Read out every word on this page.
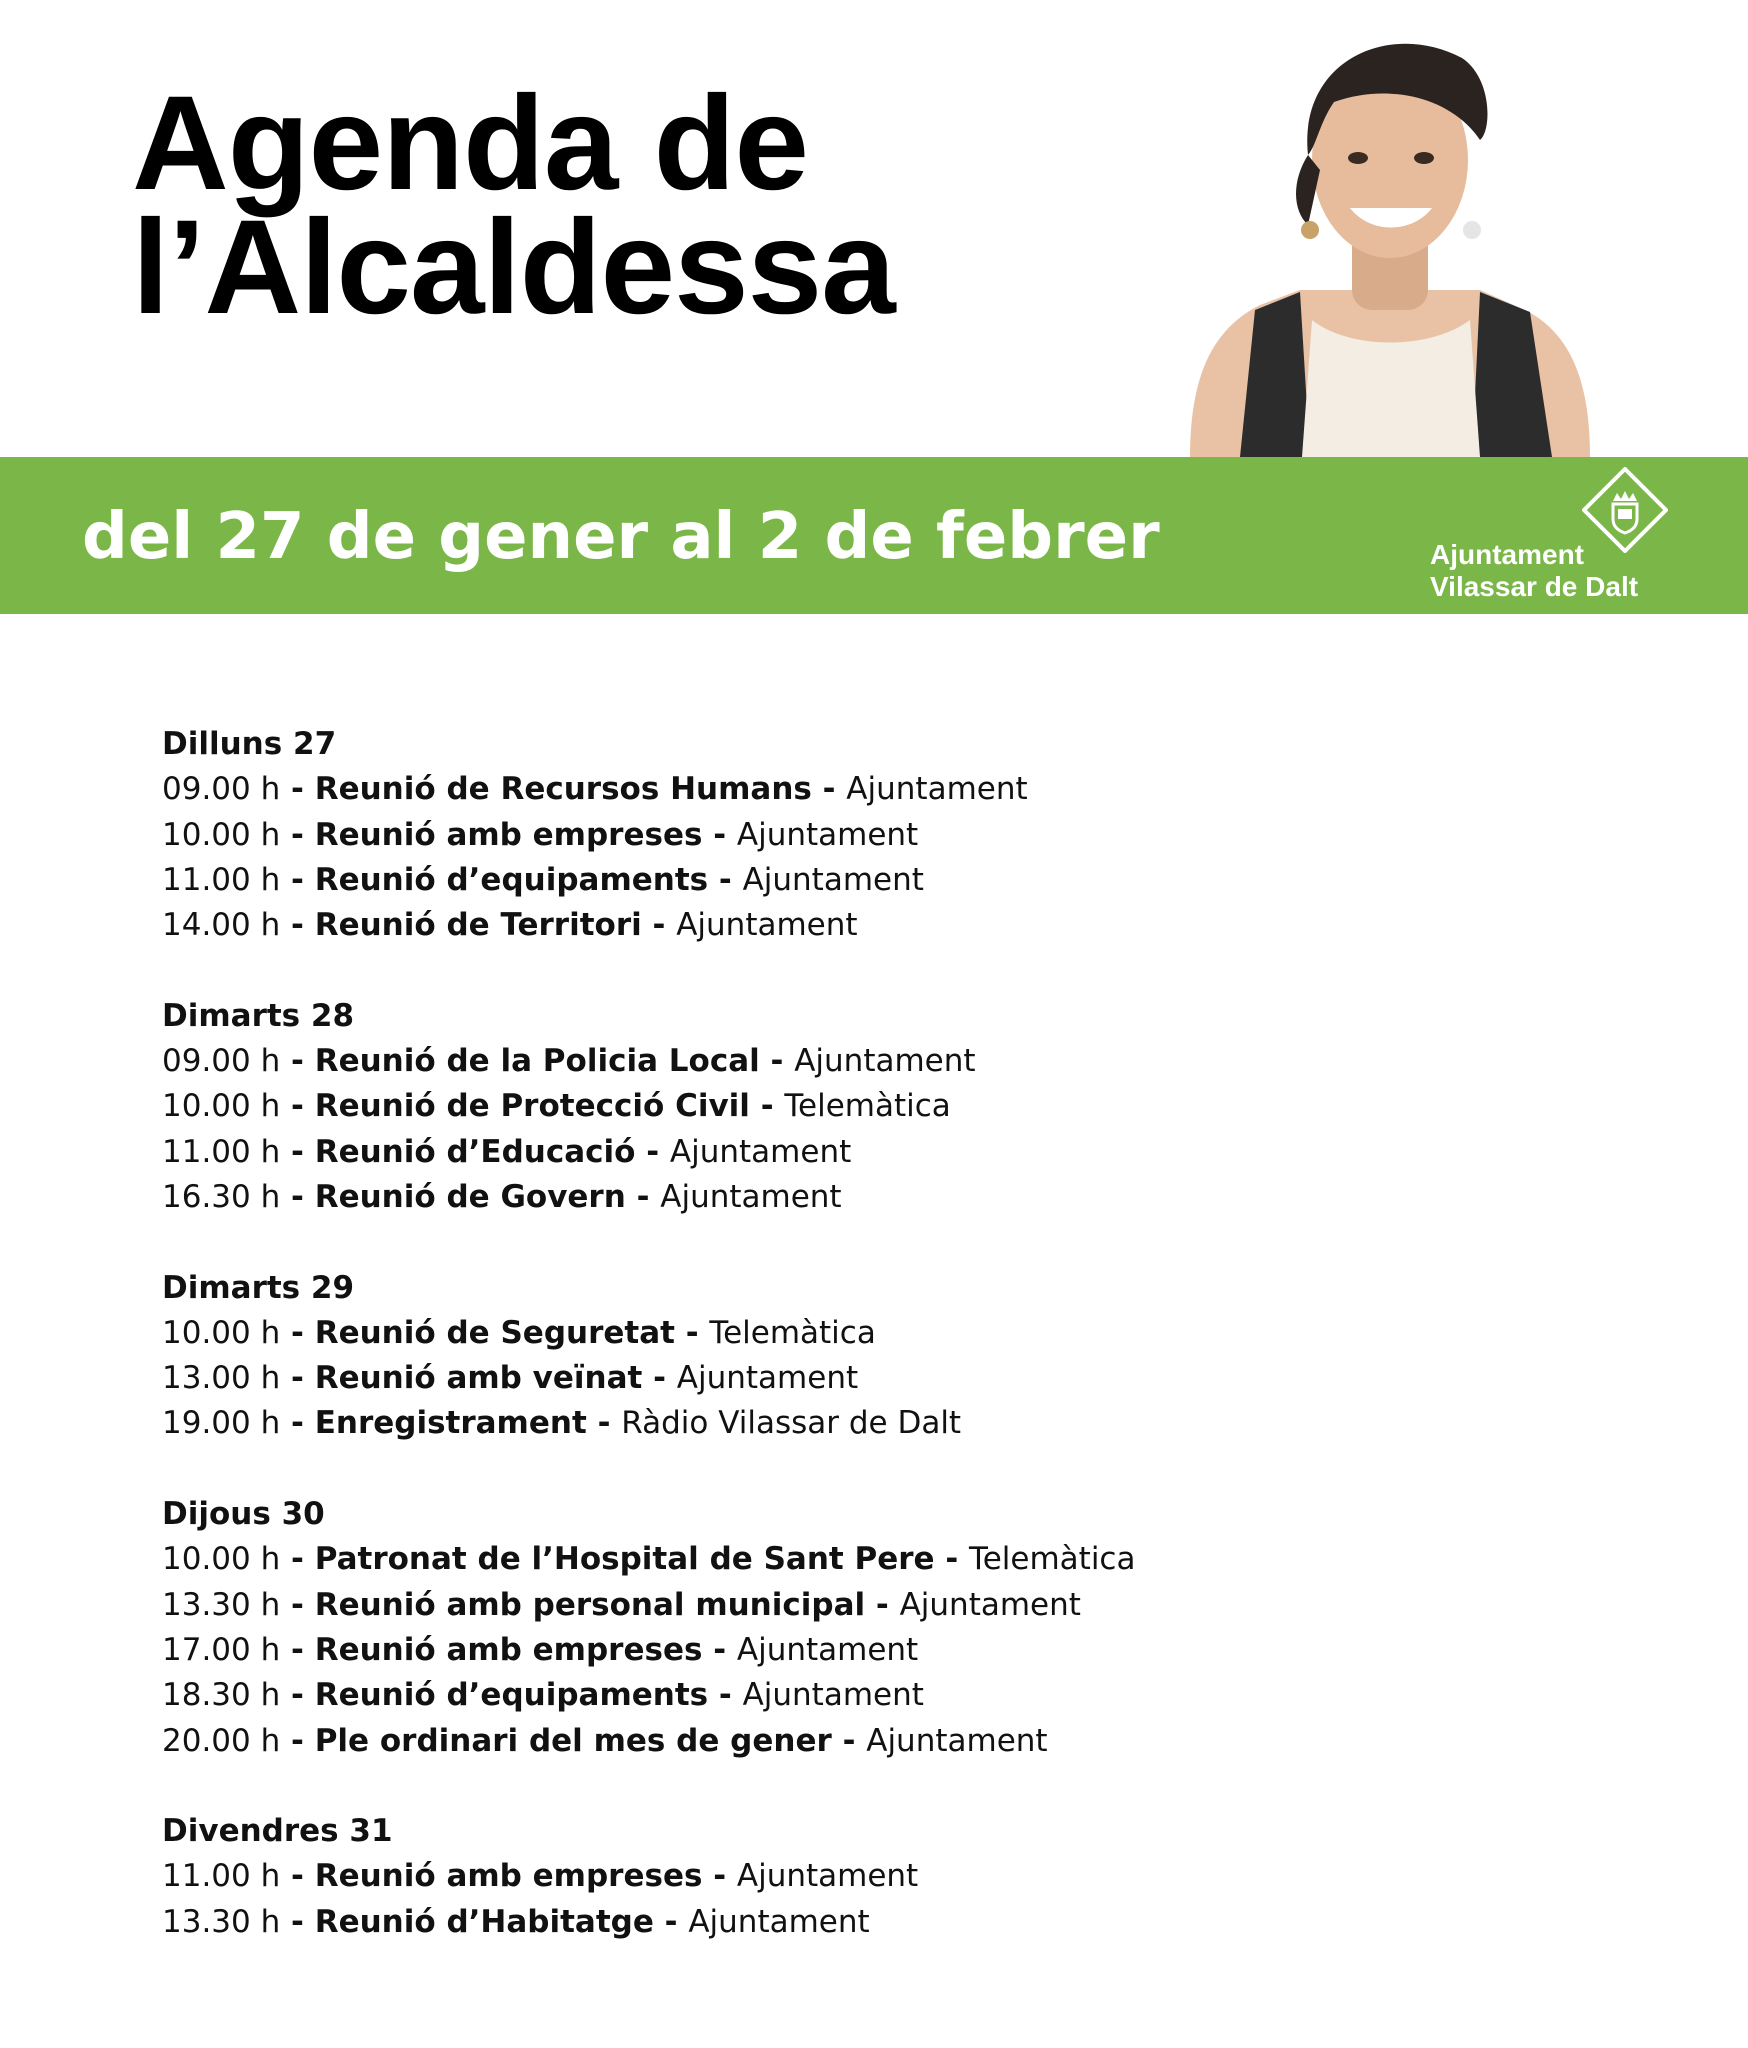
Agenda de
l’Alcaldessa
del 27 de gener al 2 de febrer	Ajuntament
Vilassar de Dalt
Dilluns 27
09.00 h - Reunió de Recursos Humans - Ajuntament
10.00 h - Reunió amb empreses - Ajuntament
11.00 h - Reunió d’equipaments - Ajuntament
14.00 h - Reunió de Territori - Ajuntament
Dimarts 28
09.00 h - Reunió de la Policia Local - Ajuntament
10.00 h - Reunió de Protecció Civil - Telemàtica
11.00 h - Reunió d’Educació - Ajuntament
16.30 h - Reunió de Govern - Ajuntament
Dimarts 29
10.00 h - Reunió de Seguretat - Telemàtica
13.00 h - Reunió amb veïnat - Ajuntament
19.00 h - Enregistrament - Ràdio Vilassar de Dalt
Dijous 30
10.00 h - Patronat de l’Hospital de Sant Pere - Telemàtica
13.30 h - Reunió amb personal municipal - Ajuntament
17.00 h - Reunió amb empreses - Ajuntament
18.30 h - Reunió d’equipaments - Ajuntament
20.00 h - Ple ordinari del mes de gener - Ajuntament
Divendres 31
11.00 h - Reunió amb empreses - Ajuntament
13.30 h - Reunió d’Habitatge - Ajuntament
